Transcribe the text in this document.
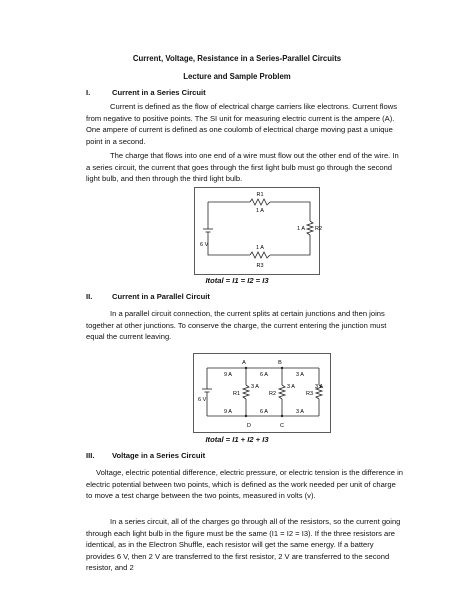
Current, Voltage, Resistance in a Series-Parallel Circuits
Lecture and Sample Problem
I.	Current in a Series Circuit
Current is defined as the flow of electrical charge carriers like electrons. Current flows from negative to positive points. The SI unit for measuring electric current is the ampere (A). One ampere of current is defined as one coulomb of electrical charge moving past a unique point in a second.
The charge that flows into one end of a wire must flow out the other end of the wire. In a series circuit, the current that goes through the first light bulb must go through the second light bulb, and then through the third light bulb.
R1
1 A
1 A R2
1 A
R3
6 V
Itotal = I1 = I2 = I3
II.	Current in a Parallel Circuit
In a parallel circuit connection, the current splits at certain junctions and then joins together at other junctions. To conserve the charge, the current entering the junction must equal the current leaving.
A	B
D	C
9 A	6 A	3 A
9 A	6 A	3 A
3 A	3 A	3 A
R1	R2	R3
6 V
Itotal = I1 + I2 + I3
III. Voltage in a Series Circuit
Voltage, electric potential difference, electric pressure, or electric tension is the difference in electric potential between two points, which is defined as the work needed per unit of charge to move a test charge between the two points, measured in volts (v).
In a series circuit, all of the charges go through all of the resistors, so the current going through each light bulb in the figure must be the same (I1 = I2 = I3). If the three resistors are identical, as in the Electron Shuffle, each resistor will get the same energy. If a battery provides 6 V, then 2 V are transferred to the first resistor, 2 V are transferred to the second resistor, and 2
